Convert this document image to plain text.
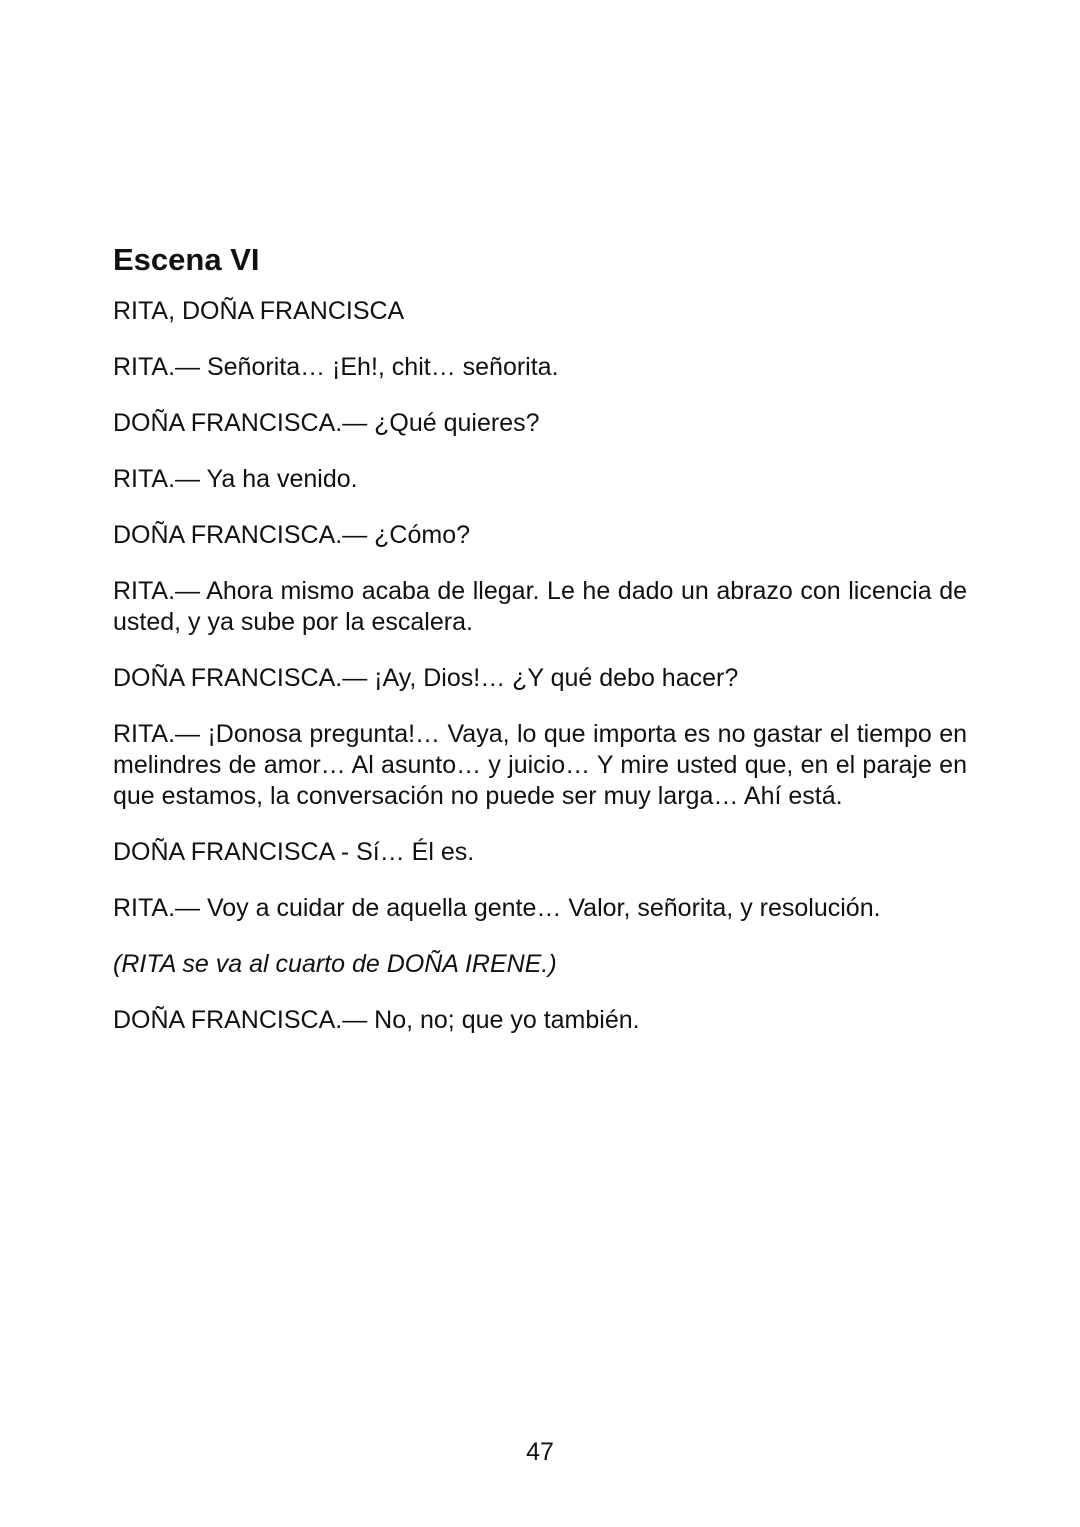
Escena VI

RITA, DOÑA FRANCISCA

RITA.— Señorita… ¡Eh!, chit… señorita.

DOÑA FRANCISCA.— ¿Qué quieres?

RITA.— Ya ha venido.

DOÑA FRANCISCA.— ¿Cómo?

RITA.— Ahora mismo acaba de llegar. Le he dado un abrazo con licencia de usted, y ya sube por la escalera.

DOÑA FRANCISCA.— ¡Ay, Dios!… ¿Y qué debo hacer?

RITA.— ¡Donosa pregunta!… Vaya, lo que importa es no gastar el tiempo en melindres de amor… Al asunto… y juicio… Y mire usted que, en el paraje en que estamos, la conversación no puede ser muy larga… Ahí está.

DOÑA FRANCISCA - Sí… Él es.

RITA.— Voy a cuidar de aquella gente… Valor, señorita, y resolución.

(RITA se va al cuarto de DOÑA IRENE.)

DOÑA FRANCISCA.— No, no; que yo también.

47
